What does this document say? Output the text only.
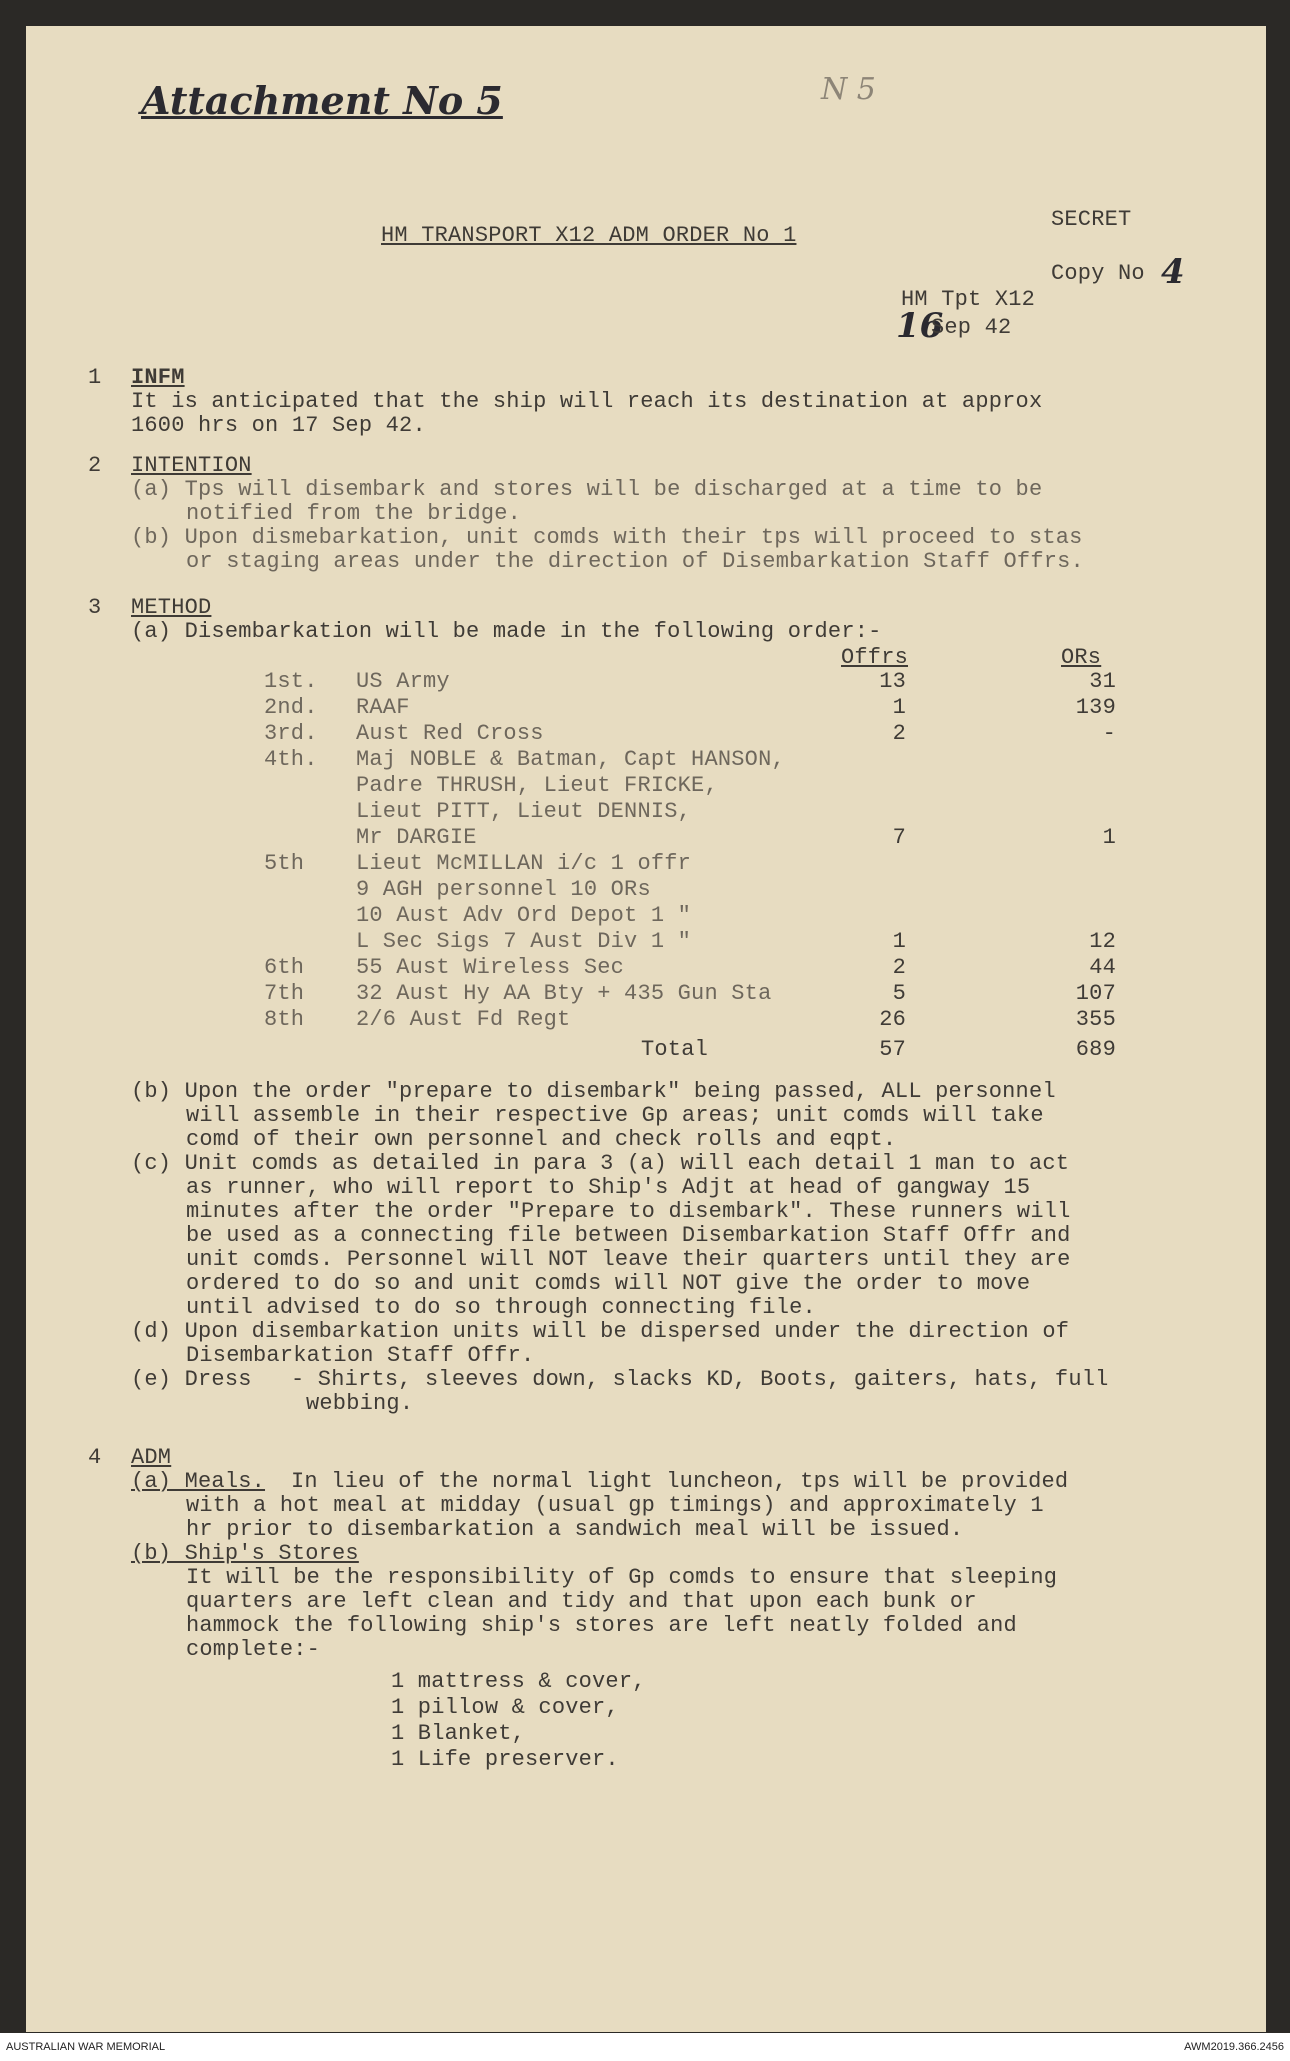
Attachment No 5	N 5
HM TRANSPORT X12 ADM ORDER No 1
SECRET
Copy No 4
HM Tpt X12
16
Sep 42
1 INFM
It is anticipated that the ship will reach its destination at approx
1600 hrs on 17 Sep 42.
2 INTENTION
(a) Tps will disembark and stores will be discharged at a time to be
notified from the bridge.
(b) Upon dismebarkation, unit comds with their tps will proceed to stas
or staging areas under the direction of Disembarkation Staff Offrs.
3 METHOD
(a) Disembarkation will be made in the following order:-
Offrs	ORs
1st. US Army	13	31
2nd. RAAF	1	139
3rd. Aust Red Cross	2	-
4th. Maj NOBLE & Batman, Capt HANSON,
Padre THRUSH, Lieut FRICKE,
Lieut PITT, Lieut DENNIS,
Mr DARGIE	7	1
5th Lieut McMILLAN i/c 1 offr
9 AGH personnel 10 ORs
10 Aust Adv Ord Depot 1 "
L Sec Sigs 7 Aust Div 1 "	1	12
6th 55 Aust Wireless Sec	2	44
7th 32 Aust Hy AA Bty + 435 Gun Sta	5	107
8th 2/6 Aust Fd Regt	26	355
Total	57	689
(b) Upon the order "prepare to disembark" being passed, ALL personnel
will assemble in their respective Gp areas; unit comds will take
comd of their own personnel and check rolls and eqpt.
(c) Unit comds as detailed in para 3 (a) will each detail 1 man to act
as runner, who will report to Ship's Adjt at head of gangway 15
minutes after the order "Prepare to disembark". These runners will
be used as a connecting file between Disembarkation Staff Offr and
unit comds. Personnel will NOT leave their quarters until they are
ordered to do so and unit comds will NOT give the order to move
until advised to do so through connecting file.
(d) Upon disembarkation units will be dispersed under the direction of
Disembarkation Staff Offr.
(e) Dress - Shirts, sleeves down, slacks KD, Boots, gaiters, hats, full
webbing.
4 ADM
(a) Meals. In lieu of the normal light luncheon, tps will be provided
with a hot meal at midday (usual gp timings) and approximately 1
hr prior to disembarkation a sandwich meal will be issued.
(b) Ship's Stores
It will be the responsibility of Gp comds to ensure that sleeping
quarters are left clean and tidy and that upon each bunk or
hammock the following ship's stores are left neatly folded and
complete:-
1 mattress & cover,
1 pillow & cover,
1 Blanket,
1 Life preserver.
AUSTRALIAN WAR MEMORIAL	AWM2019.366.2456
